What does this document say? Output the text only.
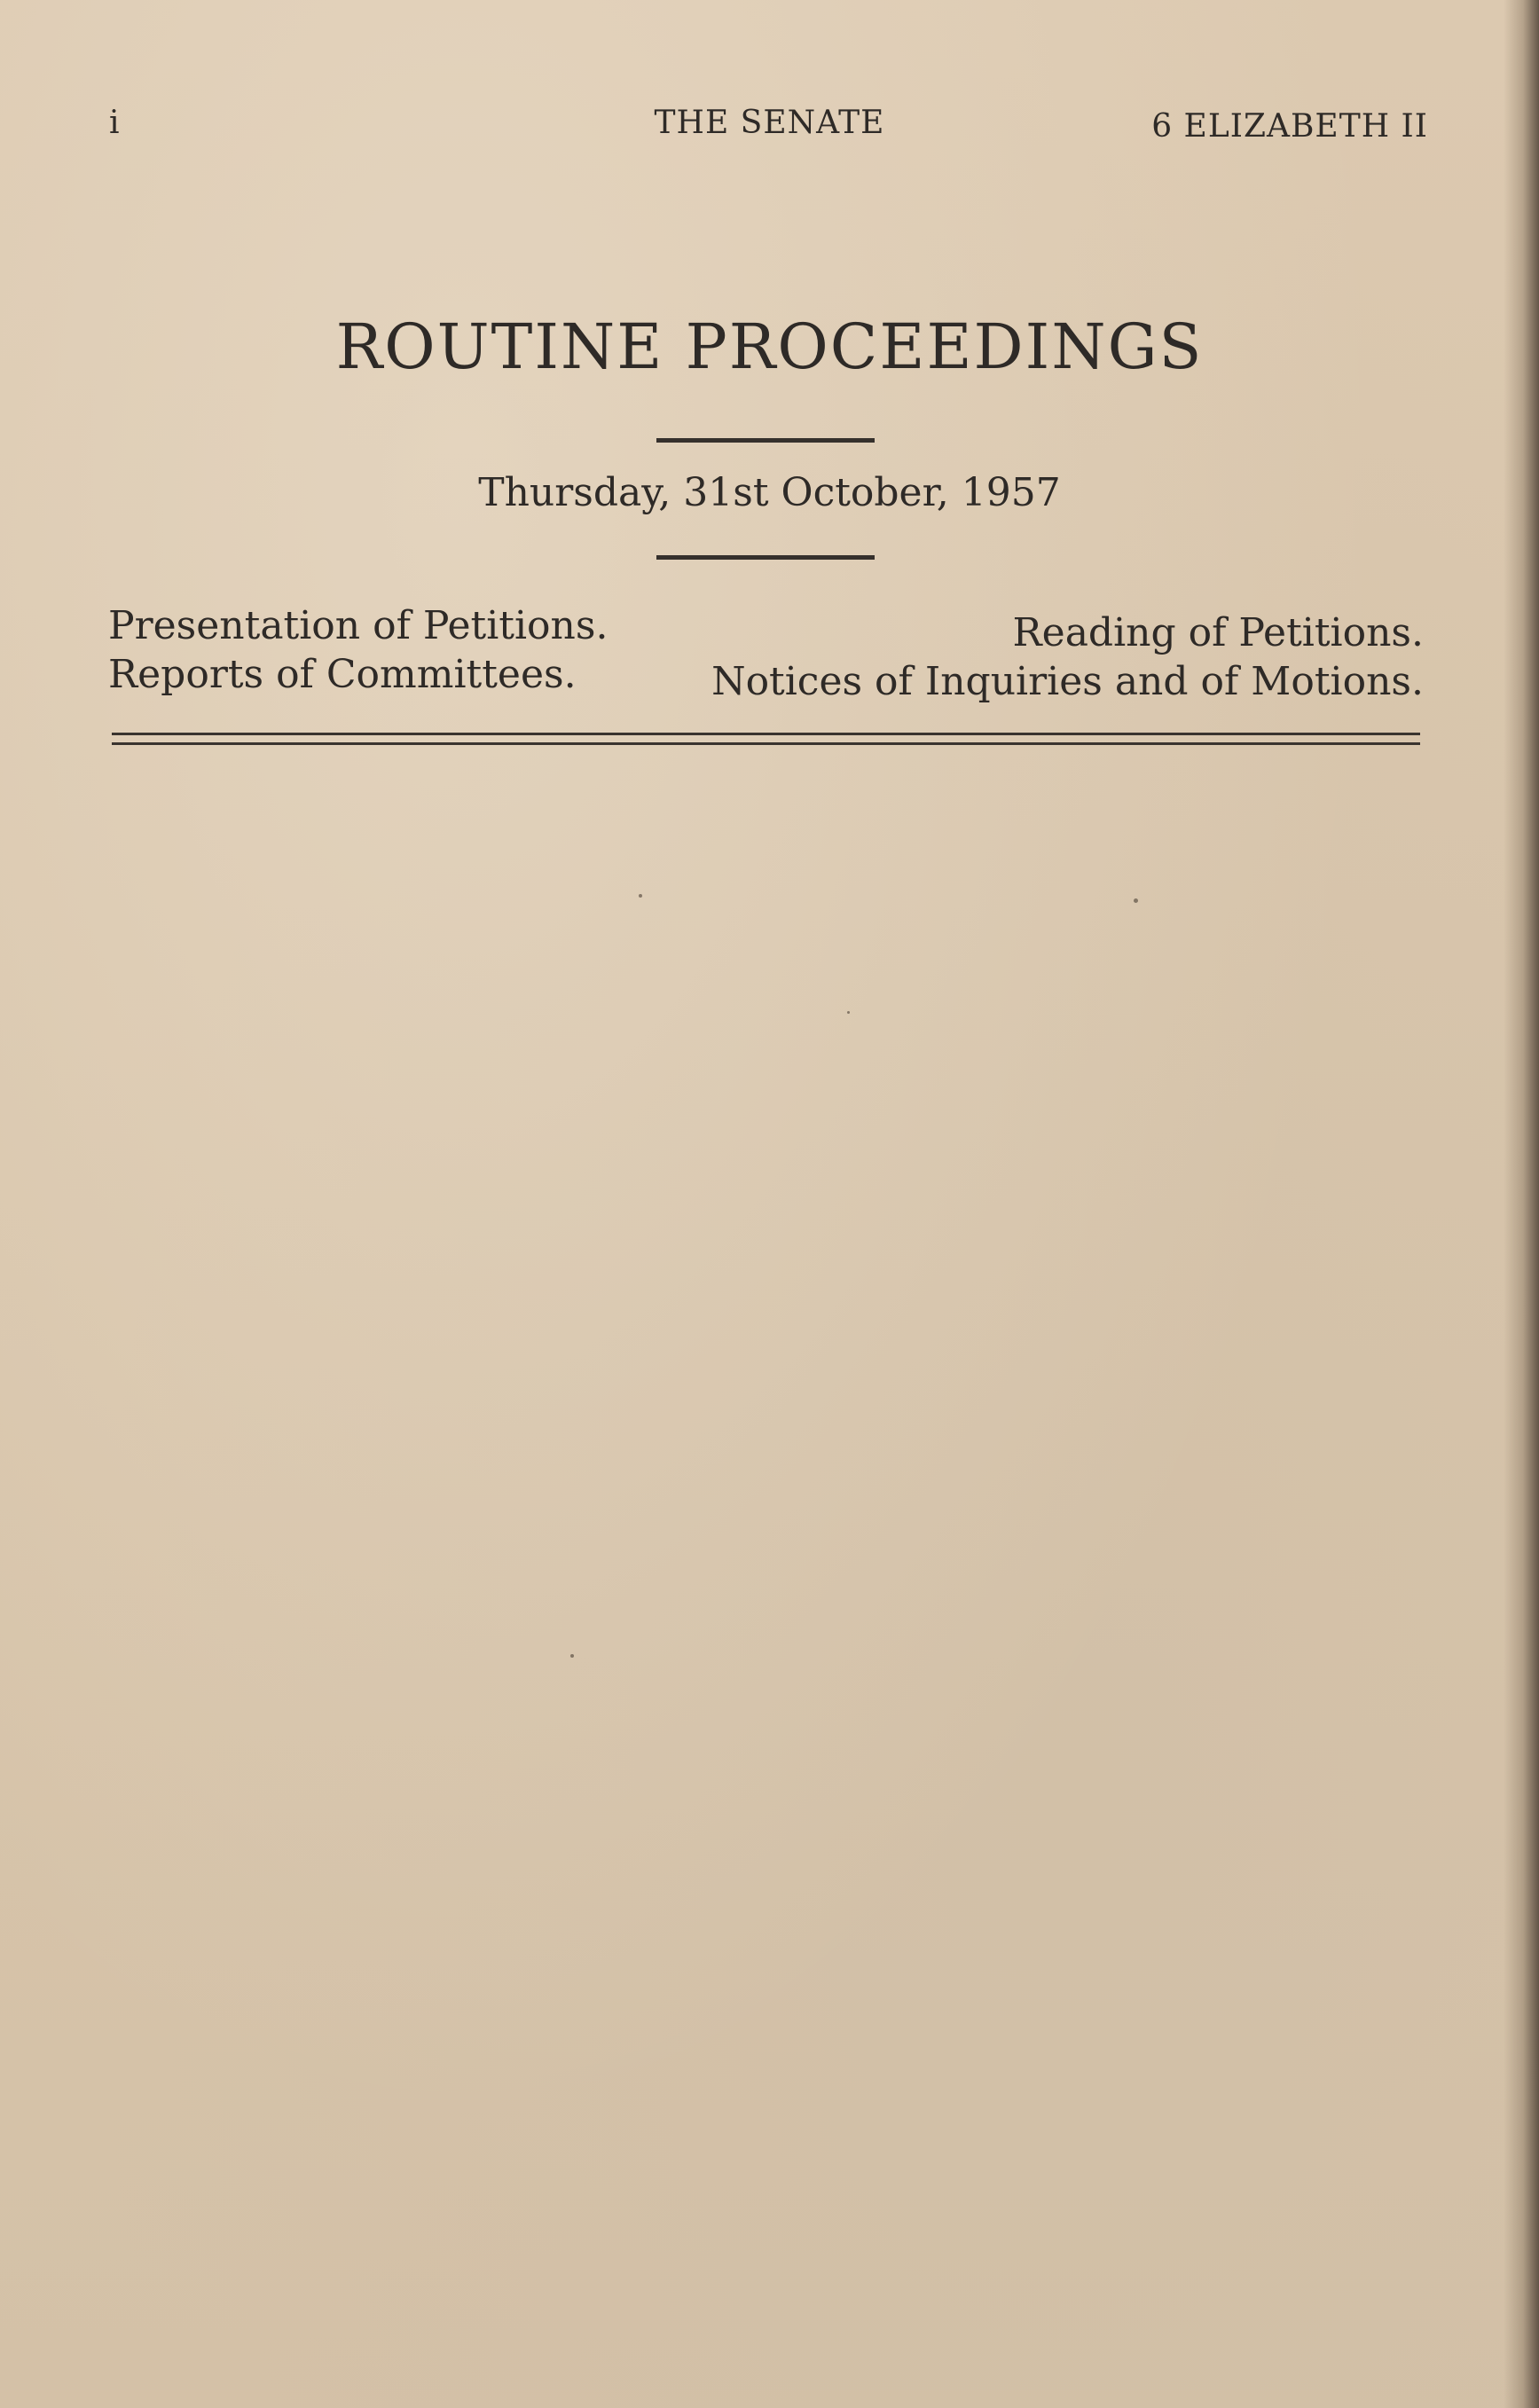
i	THE SENATE	6 ELIZABETH II
ROUTINE PROCEEDINGS
Thursday, 31st October, 1957
Presentation of Petitions.	Reading of Petitions.
Reports of Committees.	Notices of Inquiries and of Motions.
